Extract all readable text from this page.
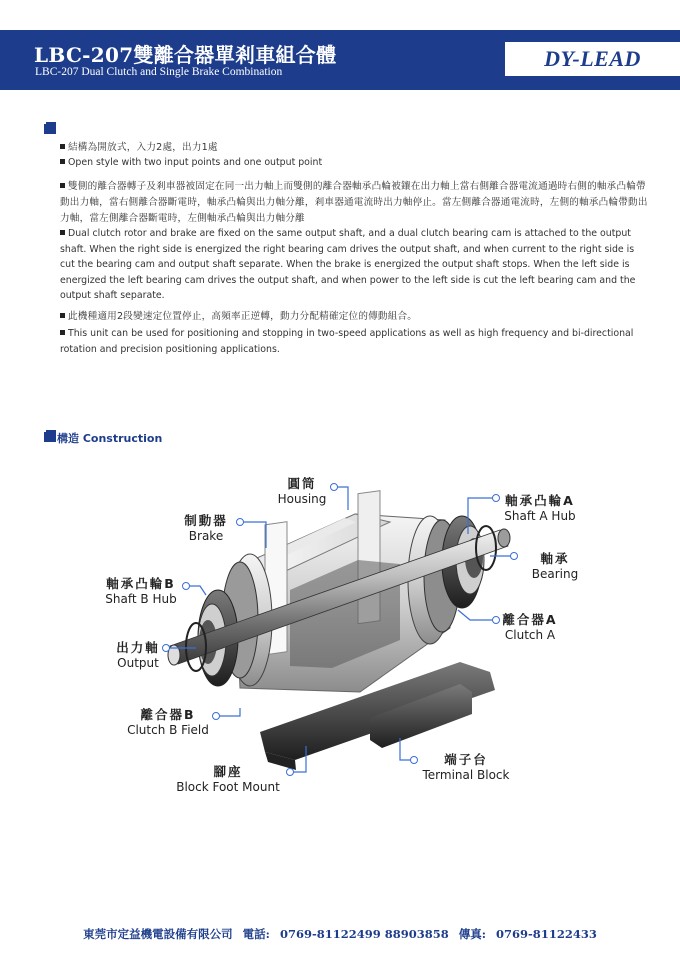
LBC-207雙離合器單剎車組合體
LBC-207 Dual Clutch and Single Brake Combination
DY-LEAD
結構為開放式，入力2處，出力1處
Open style with two input points and one output point
雙側的離合器轉子及剎車器被固定在同一出力軸上而雙側的離合器軸承凸輪被鑲在出力軸上當右側離合器電流通過時右側的軸承凸輪帶動出力軸，當右側離合器斷電時，軸承凸輪與出力軸分離，剎車器通電流時出力軸停止。當左側離合器通電流時，左側的軸承凸輪帶動出力軸，當左側離合器斷電時，左側軸承凸輪與出力軸分離
Dual clutch rotor and brake are fixed on the same output shaft, and a dual clutch bearing cam is attached to the output shaft. When the right side is energized the right bearing cam drives the output shaft, and when current to the right side is cut the bearing cam and output shaft separate. When the brake is energized the output shaft stops. When the left side is energized the left bearing cam drives the output shaft, and when power to the left side is cut the left bearing cam and the output shaft separate.
此機種適用2段變速定位置停止，高頻率正逆轉，動力分配精確定位的傳動組合。
This unit can be used for positioning and stopping in two-speed applications as well as high frequency and bi-directional rotation and precision positioning applications.
構造 Construction
圓筒
Housing
制動器
Brake
軸承凸輪A
Shaft A Hub
軸承
Bearing
軸承凸輪B
Shaft B Hub
離合器A
Clutch A
出力軸
Output
離合器B
Clutch B Field
腳座
Block Foot Mount
端子台
Terminal Block
東莞市定益機電設備有限公司 電話: 0769-81122499 88903858 傳真: 0769-81122433
